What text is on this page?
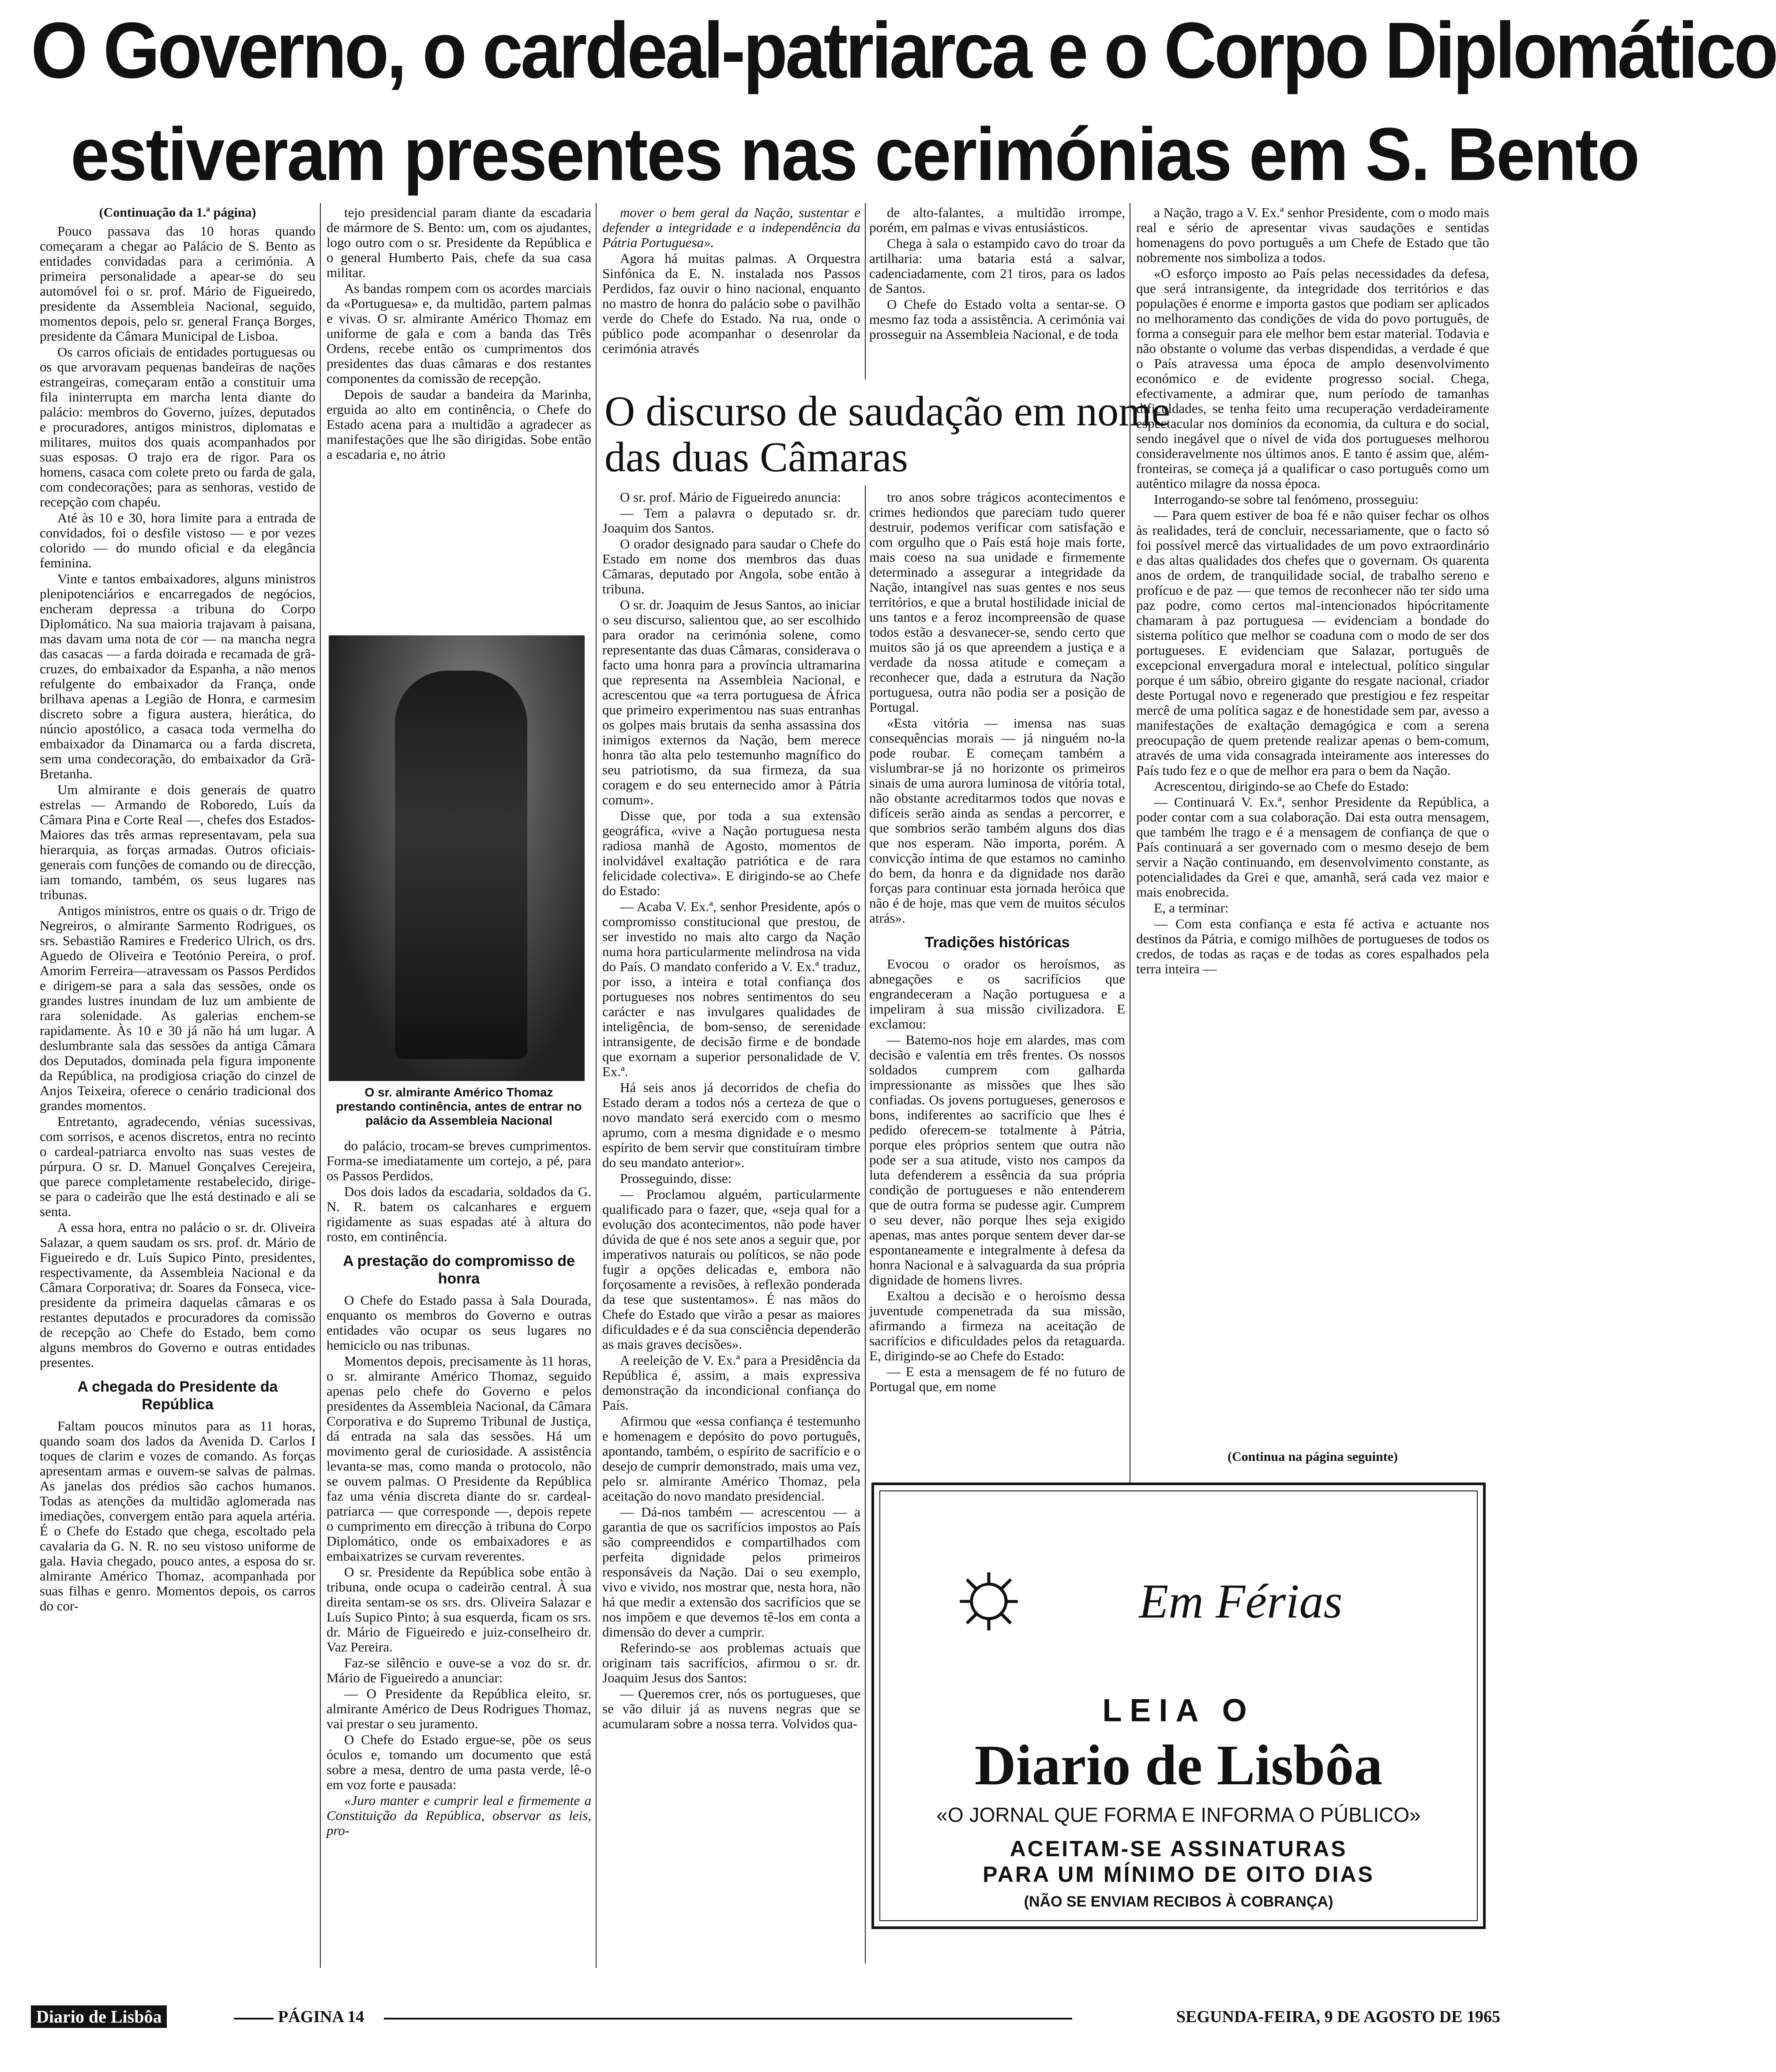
O Governo, o cardeal-patriarca e o Corpo Diplomático
estiveram presentes nas cerimónias em S. Bento
(Continuação da 1.ª página)

Pouco passava das 10 horas quando começaram a chegar ao Palácio de S. Bento as entidades convidadas para a cerimónia. A primeira personalidade a apear-se do seu automóvel foi o sr. prof. Mário de Figueiredo, presidente da Assembleia Nacional, seguido, momentos depois, pelo sr. general França Borges, presidente da Câmara Municipal de Lisboa.

Os carros oficiais de entidades portuguesas ou os que arvoravam pequenas bandeiras de nações estrangeiras, começaram então a constituir uma fila ininterrupta em marcha lenta diante do palácio: membros do Governo, juízes, deputados e procuradores, antigos ministros, diplomatas e militares, muitos dos quais acompanhados por suas esposas. O trajo era de rigor. Para os homens, casaca com colete preto ou farda de gala, com condecorações; para as senhoras, vestido de recepção com chapéu.

Até às 10 e 30, hora limite para a entrada de convidados, foi o desfile vistoso — e por vezes colorido — do mundo oficial e da elegância feminina.

Vinte e tantos embaixadores, alguns ministros plenipotenciários e encarregados de negócios, encheram depressa a tribuna do Corpo Diplomático. Na sua maioria trajavam à paisana, mas davam uma nota de cor — na mancha negra das casacas — a farda doirada e recamada de grã-cruzes, do embaixador da Espanha, a não menos refulgente do embaixador da França, onde brilhava apenas a Legião de Honra, e carmesim discreto sobre a figura austera, hierática, do núncio apostólico, a casaca toda vermelha do embaixador da Dinamarca ou a farda discreta, sem uma condecoração, do embaixador da Grã-Bretanha.

Um almirante e dois generais de quatro estrelas — Armando de Roboredo, Luís da Câmara Pina e Corte Real —, chefes dos Estados-Maiores das três armas representavam, pela sua hierarquia, as forças armadas. Outros oficiais-generais com funções de comando ou de direcção, iam tomando, também, os seus lugares nas tribunas.

Antigos ministros, entre os quais o dr. Trigo de Negreiros, o almirante Sarmento Rodrigues, os srs. Sebastião Ramires e Frederico Ulrich, os drs. Aguedo de Oliveira e Teotónio Pereira, o prof. Amorim Ferreira—atravessam os Passos Perdidos e dirigem-se para a sala das sessões, onde os grandes lustres inundam de luz um ambiente de rara solenidade. As galerias enchem-se rapidamente. Às 10 e 30 já não há um lugar. A deslumbrante sala das sessões da antiga Câmara dos Deputados, dominada pela figura imponente da República, na prodigiosa criação do cinzel de Anjos Teixeira, oferece o cenário tradicional dos grandes momentos.

Entretanto, agradecendo, vénias sucessivas, com sorrisos, e acenos discretos, entra no recinto o cardeal-patriarca envolto nas suas vestes de púrpura. O sr. D. Manuel Gonçalves Cerejeira, que parece completamente restabelecido, dirige-se para o cadeirão que lhe está destinado e ali se senta.

A essa hora, entra no palácio o sr. dr. Oliveira Salazar, a quem saudam os srs. prof. dr. Mário de Figueiredo e dr. Luís Supico Pinto, presidentes, respectivamente, da Assembleia Nacional e da Câmara Corporativa; dr. Soares da Fonseca, vice-presidente da primeira daquelas câmaras e os restantes deputados e procuradores da comissão de recepção ao Chefe do Estado, bem como alguns membros do Governo e outras entidades presentes.

A chegada do Presidente da República

Faltam poucos minutos para as 11 horas, quando soam dos lados da Avenida D. Carlos I toques de clarim e vozes de comando. As forças apresentam armas e ouvem-se salvas de palmas. As janelas dos prédios são cachos humanos. Todas as atenções da multidão aglomerada nas imediações, convergem então para aquela artéria. É o Chefe do Estado que chega, escoltado pela cavalaria da G. N. R. no seu vistoso uniforme de gala. Havia chegado, pouco antes, a esposa do sr. almirante Américo Thomaz, acompanhada por suas filhas e genro. Momentos depois, os carros do cor-

tejo presidencial param diante da escadaria de mármore de S. Bento: um, com os ajudantes, logo outro com o sr. Presidente da República e o general Humberto Pais, chefe da sua casa militar.

As bandas rompem com os acordes marciais da «Portuguesa» e, da multidão, partem palmas e vivas. O sr. almirante Américo Thomaz em uniforme de gala e com a banda das Três Ordens, recebe então os cumprimentos dos presidentes das duas câmaras e dos restantes componentes da comissão de recepção.

Depois de saudar a bandeira da Marinha, erguida ao alto em continência, o Chefe do Estado acena para a multidão a agradecer as manifestações que lhe são dirigidas. Sobe então a escadaria e, no átrio

O sr. almirante Américo Thomaz prestando continência, antes de entrar no palácio da Assembleia Nacional

do palácio, trocam-se breves cumprimentos. Forma-se imediatamente um cortejo, a pé, para os Passos Perdidos.

Dos dois lados da escadaria, soldados da G. N. R. batem os calcanhares e erguem rigidamente as suas espadas até à altura do rosto, em continência.

A prestação do compromisso de honra

O Chefe do Estado passa à Sala Dourada, enquanto os membros do Governo e outras entidades vão ocupar os seus lugares no hemiciclo ou nas tribunas.

Momentos depois, precisamente às 11 horas, o sr. almirante Américo Thomaz, seguido apenas pelo chefe do Governo e pelos presidentes da Assembleia Nacional, da Câmara Corporativa e do Supremo Tribunal de Justiça, dá entrada na sala das sessões. Há um movimento geral de curiosidade. A assistência levanta-se mas, como manda o protocolo, não se ouvem palmas. O Presidente da República faz uma vénia discreta diante do sr. cardeal-patriarca — que corresponde —, depois repete o cumprimento em direcção à tribuna do Corpo Diplomático, onde os embaixadores e as embaixatrizes se curvam reverentes.

O sr. Presidente da República sobe então à tribuna, onde ocupa o cadeirão central. À sua direita sentam-se os srs. drs. Oliveira Salazar e Luís Supico Pinto; à sua esquerda, ficam os srs. dr. Mário de Figueiredo e juiz-conselheiro dr. Vaz Pereira.

Faz-se silêncio e ouve-se a voz do sr. dr. Mário de Figueiredo a anunciar:

— O Presidente da República eleito, sr. almirante Américo de Deus Rodrigues Thomaz, vai prestar o seu juramento.

O Chefe do Estado ergue-se, põe os seus óculos e, tomando um documento que está sobre a mesa, dentro de uma pasta verde, lê-o em voz forte e pausada:

«Juro manter e cumprir leal e firmemente a Constituição da República, observar as leis, pro-

mover o bem geral da Nação, sustentar e defender a integridade e a independência da Pátria Portuguesa».

Agora há muitas palmas. A Orquestra Sinfónica da E. N. instalada nos Passos Perdidos, faz ouvir o hino nacional, enquanto no mastro de honra do palácio sobe o pavilhão verde do Chefe do Estado. Na rua, onde o público pode acompanhar o desenrolar da cerimónia através

de alto-falantes, a multidão irrompe, porém, em palmas e vivas entusiásticos.

Chega à sala o estampido cavo do troar da artilharia: uma bataria está a salvar, cadenciadamente, com 21 tiros, para os lados de Santos.

O Chefe do Estado volta a sentar-se. O mesmo faz toda a assistência. A cerimónia vai prosseguir na Assembleia Nacional, e de toda

O discurso de saudação em nome das duas Câmaras

O sr. prof. Mário de Figueiredo anuncia:

— Tem a palavra o deputado sr. dr. Joaquim dos Santos.

O orador designado para saudar o Chefe do Estado em nome dos membros das duas Câmaras, deputado por Angola, sobe então à tribuna.

O sr. dr. Joaquim de Jesus Santos, ao iniciar o seu discurso, salientou que, ao ser escolhido para orador na cerimónia solene, como representante das duas Câmaras, considerava o facto uma honra para a província ultramarina que representa na Assembleia Nacional, e acrescentou que «a terra portuguesa de África que primeiro experimentou nas suas entranhas os golpes mais brutais da senha assassina dos inimigos externos da Nação, bem merece honra tão alta pelo testemunho magnífico do seu patriotismo, da sua firmeza, da sua coragem e do seu enternecido amor à Pátria comum».

Disse que, por toda a sua extensão geográfica, «vive a Nação portuguesa nesta radiosa manhã de Agosto, momentos de inolvidável exaltação patriótica e de rara felicidade colectiva». E dirigindo-se ao Chefe do Estado:

— Acaba V. Ex.ª, senhor Presidente, após o compromisso constitucional que prestou, de ser investido no mais alto cargo da Nação numa hora particularmente melindrosa na vida do País. O mandato conferido a V. Ex.ª traduz, por isso, a inteira e total confiança dos portugueses nos nobres sentimentos do seu carácter e nas invulgares qualidades de inteligência, de bom-senso, de serenidade intransigente, de decisão firme e de bondade que exornam a superior personalidade de V. Ex.ª.

Há seis anos já decorridos de chefia do Estado deram a todos nós a certeza de que o novo mandato será exercido com o mesmo aprumo, com a mesma dignidade e o mesmo espírito de bem servir que constituíram timbre do seu mandato anterior».

Prosseguindo, disse:

— Proclamou alguém, particularmente qualificado para o fazer, que, «seja qual for a evolução dos acontecimentos, não pode haver dúvida de que é nos sete anos a seguir que, por imperativos naturais ou políticos, se não pode fugir a opções delicadas e, embora não forçosamente a revisões, à reflexão ponderada da tese que sustentamos». É nas mãos do Chefe do Estado que virão a pesar as maiores dificuldades e é da sua consciência dependerão as mais graves decisões».

A reeleição de V. Ex.ª para a Presidência da República é, assim, a mais expressiva demonstração da incondicional confiança do País.

Afirmou que «essa confiança é testemunho e homenagem e depósito do povo português, apontando, também, o espírito de sacrifício e o desejo de cumprir demonstrado, mais uma vez, pelo sr. almirante Américo Thomaz, pela aceitação do novo mandato presidencial.

— Dá-nos também — acrescentou — a garantia de que os sacrifícios impostos ao País são compreendidos e compartilhados com perfeita dignidade pelos primeiros responsáveis da Nação. Dai o seu exemplo, vivo e vivido, nos mostrar que, nesta hora, não há que medir a extensão dos sacrifícios que se nos impõem e que devemos tê-los em conta a dimensão do dever a cumprir.

Referindo-se aos problemas actuais que originam tais sacrifícios, afirmou o sr. dr. Joaquim Jesus dos Santos:

— Queremos crer, nós os portugueses, que se vão diluir já as nuvens negras que se acumularam sobre a nossa terra. Volvidos qua-

tro anos sobre trágicos acontecimentos e crimes hediondos que pareciam tudo querer destruir, podemos verificar com satisfação e com orgulho que o País está hoje mais forte, mais coeso na sua unidade e firmemente determinado a assegurar a integridade da Nação, intangível nas suas gentes e nos seus territórios, e que a brutal hostilidade inicial de uns tantos e a feroz incompreensão de quase todos estão a desvanecer-se, sendo certo que muitos são já os que apreendem a justiça e a verdade da nossa atitude e começam a reconhecer que, dada a estrutura da Nação portuguesa, outra não podia ser a posição de Portugal.

«Esta vitória — imensa nas suas consequências morais — já ninguém no-la pode roubar. E começam também a vislumbrar-se já no horizonte os primeiros sinais de uma aurora luminosa de vitória total, não obstante acreditarmos todos que novas e difíceis serão ainda as sendas a percorrer, e que sombrios serão também alguns dos dias que nos esperam. Não importa, porém. A convicção íntima de que estamos no caminho do bem, da honra e da dignidade nos darão forças para continuar esta jornada heróica que não é de hoje, mas que vem de muitos séculos atrás».

Tradições históricas

Evocou o orador os heroísmos, as abnegações e os sacrifícios que engrandeceram a Nação portuguesa e a impeliram à sua missão civilizadora. E exclamou:

— Batemo-nos hoje em alardes, mas com decisão e valentia em três frentes. Os nossos soldados cumprem com galharda impressionante as missões que lhes são confiadas. Os jovens portugueses, generosos e bons, indiferentes ao sacrifício que lhes é pedido oferecem-se totalmente à Pátria, porque eles próprios sentem que outra não pode ser a sua atitude, visto nos campos da luta defenderem a essência da sua própria condição de portugueses e não entenderem que de outra forma se pudesse agir. Cumprem o seu dever, não porque lhes seja exigido apenas, mas antes porque sentem dever dar-se espontaneamente e integralmente à defesa da honra Nacional e à salvaguarda da sua própria dignidade de homens livres.

Exaltou a decisão e o heroísmo dessa juventude compenetrada da sua missão, afirmando a firmeza na aceitação de sacrifícios e dificuldades pelos da retaguarda. E, dirigindo-se ao Chefe do Estado:

— E esta a mensagem de fé no futuro de Portugal que, em nome

a Nação, trago a V. Ex.ª senhor Presidente, com o modo mais real e sério de apresentar vivas saudações e sentidas homenagens do povo português a um Chefe de Estado que tão nobremente nos simboliza a todos.

«O esforço imposto ao País pelas necessidades da defesa, que será intransigente, da integridade dos territórios e das populações é enorme e importa gastos que podiam ser aplicados no melhoramento das condições de vida do povo português, de forma a conseguir para ele melhor bem estar material. Todavia e não obstante o volume das verbas dispendidas, a verdade é que o País atravessa uma época de amplo desenvolvimento económico e de evidente progresso social. Chega, efectivamente, a admirar que, num período de tamanhas dificuldades, se tenha feito uma recuperação verdadeiramente espectacular nos domínios da economia, da cultura e do social, sendo inegável que o nível de vida dos portugueses melhorou consideravelmente nos últimos anos. E tanto é assim que, além-fronteiras, se começa já a qualificar o caso português como um autêntico milagre da nossa época.

Interrogando-se sobre tal fenómeno, prosseguiu:

— Para quem estiver de boa fé e não quiser fechar os olhos às realidades, terá de concluir, necessariamente, que o facto só foi possível mercê das virtualidades de um povo extraordinário e das altas qualidades dos chefes que o governam. Os quarenta anos de ordem, de tranquilidade social, de trabalho sereno e profícuo e de paz — que temos de reconhecer não ter sido uma paz podre, como certos mal-intencionados hipócritamente chamaram à paz portuguesa — evidenciam a bondade do sistema político que melhor se coaduna com o modo de ser dos portugueses. E evidenciam que Salazar, português de excepcional envergadura moral e intelectual, político singular porque é um sábio, obreiro gigante do resgate nacional, criador deste Portugal novo e regenerado que prestigiou e fez respeitar mercê de uma política sagaz e de honestidade sem par, avesso a manifestações de exaltação demagógica e com a serena preocupação de quem pretende realizar apenas o bem-comum, através de uma vida consagrada inteiramente aos interesses do País tudo fez e o que de melhor era para o bem da Nação.

Acrescentou, dirigindo-se ao Chefe do Estado:

— Continuará V. Ex.ª, senhor Presidente da República, a poder contar com a sua colaboração. Dai esta outra mensagem, que também lhe trago e é a mensagem de confiança de que o País continuará a ser governado com o mesmo desejo de bem servir a Nação continuando, em desenvolvimento constante, as potencialidades da Grei e que, amanhã, será cada vez maior e mais enobrecida.

E, a terminar:

— Com esta confiança e esta fé activa e actuante nos destinos da Pátria, e comigo milhões de portugueses de todos os credos, de todas as raças e de todas as cores espalhados pela terra inteira —

(Continua na página seguinte)
☼ Em Férias
LEIA O
Diario de Lisbôa
«O JORNAL QUE FORMA E INFORMA O PÚBLICO»
ACEITAM-SE ASSINATURAS
PARA UM MÍNIMO DE OITO DIAS
(NÃO SE ENVIAM RECIBOS À COBRANÇA)
Diario de Lisbôa	PÁGINA 14	SEGUNDA-FEIRA, 9 DE AGOSTO DE 1965
